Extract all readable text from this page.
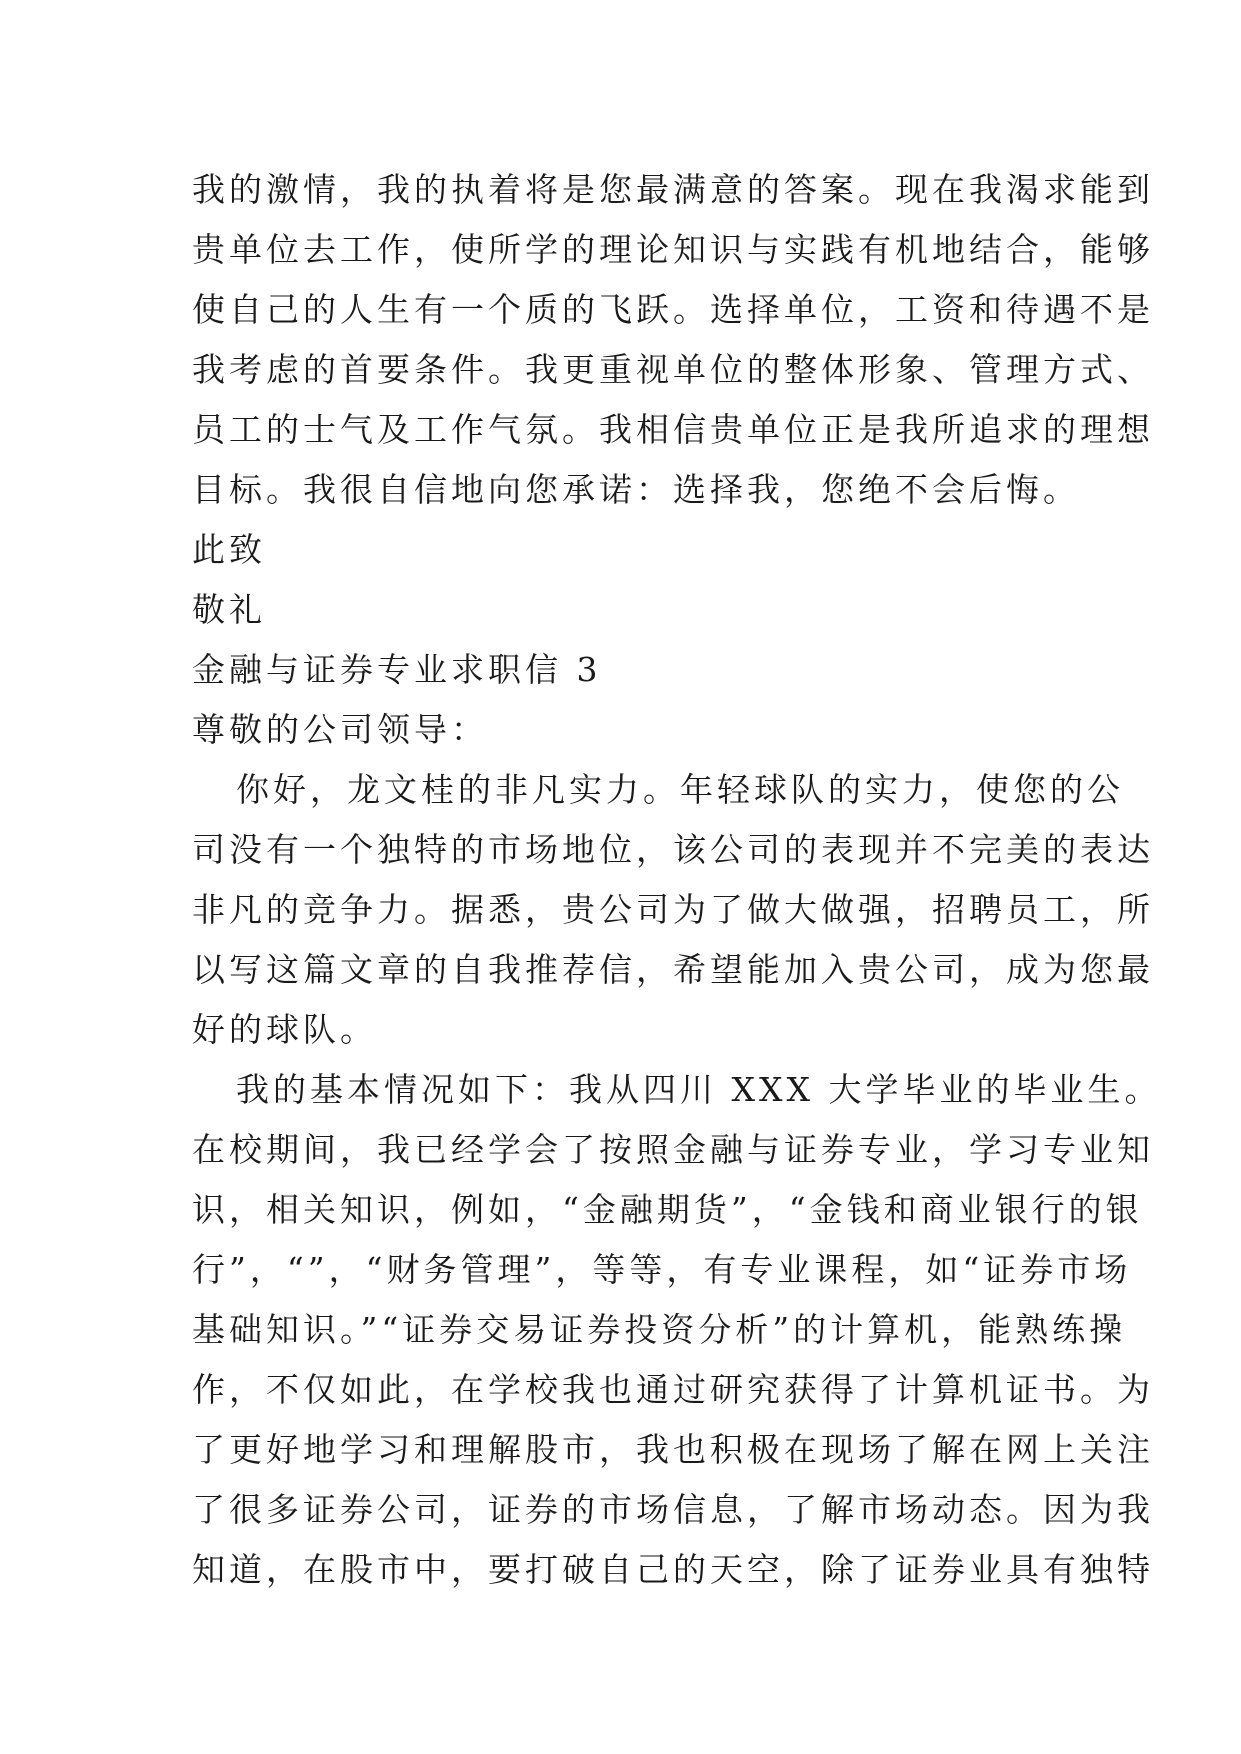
我的激情，我的执着将是您最满意的答案。现在我渴求能到
贵单位去工作，使所学的理论知识与实践有机地结合，能够
使自己的人生有一个质的飞跃。选择单位，工资和待遇不是
我考虑的首要条件。我更重视单位的整体形象、管理方式、
员工的士气及工作气氛。我相信贵单位正是我所追求的理想
目标。我很自信地向您承诺：选择我，您绝不会后悔。
此致
敬礼
金融与证券专业求职信 3
尊敬的公司领导：
你好，龙文桂的非凡实力。年轻球队的实力，使您的公
司没有一个独特的市场地位，该公司的表现并不完美的表达
非凡的竞争力。据悉，贵公司为了做大做强，招聘员工，所
以写这篇文章的自我推荐信，希望能加入贵公司，成为您最
好的球队。
我的基本情况如下：我从四川 XXX 大学毕业的毕业生。
在校期间，我已经学会了按照金融与证券专业，学习专业知
识，相关知识，例如，“金融期货”，“金钱和商业银行的银
行”，“”，“财务管理”，等等，有专业课程，如“证券市场
基础知识。”“证券交易证券投资分析”的计算机，能熟练操
作，不仅如此，在学校我也通过研究获得了计算机证书。为
了更好地学习和理解股市，我也积极在现场了解在网上关注
了很多证券公司，证券的市场信息，了解市场动态。因为我
知道，在股市中，要打破自己的天空，除了证券业具有独特
